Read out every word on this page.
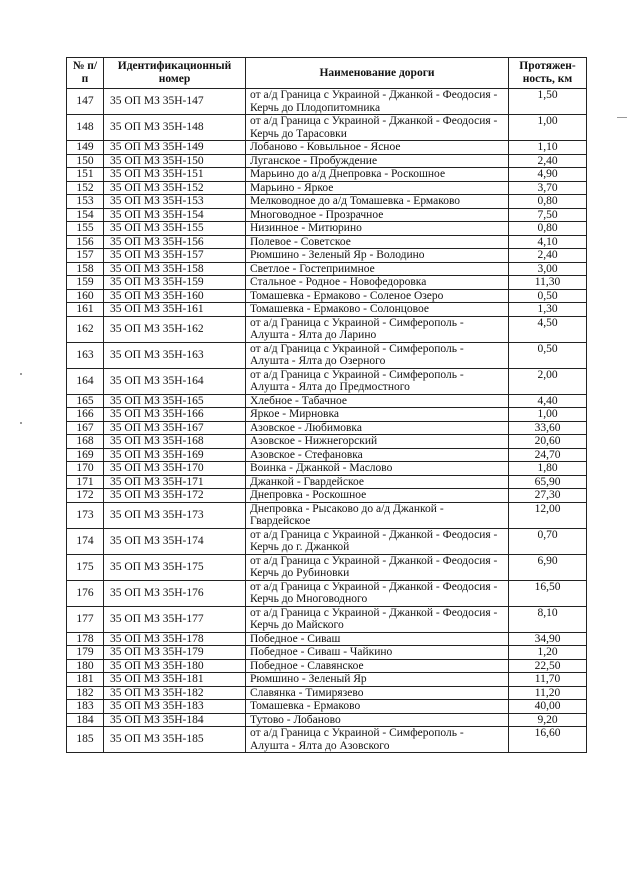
№ п/п	Идентификационный номер	Наименование дороги	Протяжен- ность, км
147	35 ОП МЗ 35Н-147	от а/д Граница с Украиной - Джанкой - Феодосия - Керчь до Плодопитомника	1,50
148	35 ОП МЗ 35Н-148	от а/д Граница с Украиной - Джанкой - Феодосия - Керчь до Тарасовки	1,00
149	35 ОП МЗ 35Н-149	Лобаново - Ковыльное - Ясное	1,10
150	35 ОП МЗ 35Н-150	Луганское - Пробуждение	2,40
151	35 ОП МЗ 35Н-151	Марьино до а/д Днепровка - Роскошное	4,90
152	35 ОП МЗ 35Н-152	Марьино - Яркое	3,70
153	35 ОП МЗ 35Н-153	Мелководное до а/д Томашевка - Ермаково	0,80
154	35 ОП МЗ 35Н-154	Многоводное - Прозрачное	7,50
155	35 ОП МЗ 35Н-155	Низинное - Митюрино	0,80
156	35 ОП МЗ 35Н-156	Полевое - Советское	4,10
157	35 ОП МЗ 35Н-157	Рюмшино - Зеленый Яр - Володино	2,40
158	35 ОП МЗ 35Н-158	Светлое - Гостеприимное	3,00
159	35 ОП МЗ 35Н-159	Стальное - Родное - Новофедоровка	11,30
160	35 ОП МЗ 35Н-160	Томашевка - Ермаково - Соленое Озеро	0,50
161	35 ОП МЗ 35Н-161	Томашевка - Ермаково - Солонцовое	1,30
162	35 ОП МЗ 35Н-162	от а/д Граница с Украиной - Симферополь - Алушта - Ялта до Ларино	4,50
163	35 ОП МЗ 35Н-163	от а/д Граница с Украиной - Симферополь - Алушта - Ялта до Озерного	0,50
164	35 ОП МЗ 35Н-164	от а/д Граница с Украиной - Симферополь - Алушта - Ялта до Предмостного	2,00
165	35 ОП МЗ 35Н-165	Хлебное - Табачное	4,40
166	35 ОП МЗ 35Н-166	Яркое - Мирновка	1,00
167	35 ОП МЗ 35Н-167	Азовское - Любимовка	33,60
168	35 ОП МЗ 35Н-168	Азовское - Нижнегорский	20,60
169	35 ОП МЗ 35Н-169	Азовское - Стефановка	24,70
170	35 ОП МЗ 35Н-170	Воинка - Джанкой - Маслово	1,80
171	35 ОП МЗ 35Н-171	Джанкой - Гвардейское	65,90
172	35 ОП МЗ 35Н-172	Днепровка - Роскошное	27,30
173	35 ОП МЗ 35Н-173	Днепровка - Рысаково до а/д Джанкой - Гвардейское	12,00
174	35 ОП МЗ 35Н-174	от а/д Граница с Украиной - Джанкой - Феодосия - Керчь до г. Джанкой	0,70
175	35 ОП МЗ 35Н-175	от а/д Граница с Украиной - Джанкой - Феодосия - Керчь до Рубиновки	6,90
176	35 ОП МЗ 35Н-176	от а/д Граница с Украиной - Джанкой - Феодосия - Керчь до Многоводного	16,50
177	35 ОП МЗ 35Н-177	от а/д Граница с Украиной - Джанкой - Феодосия - Керчь до Майского	8,10
178	35 ОП МЗ 35Н-178	Победное - Сиваш	34,90
179	35 ОП МЗ 35Н-179	Победное - Сиваш - Чайкино	1,20
180	35 ОП МЗ 35Н-180	Победное - Славянское	22,50
181	35 ОП МЗ 35Н-181	Рюмшино - Зеленый Яр	11,70
182	35 ОП МЗ 35Н-182	Славянка - Тимирязево	11,20
183	35 ОП МЗ 35Н-183	Томашевка - Ермаково	40,00
184	35 ОП МЗ 35Н-184	Тутово - Лобаново	9,20
185	35 ОП МЗ 35Н-185	от а/д Граница с Украиной - Симферополь - Алушта - Ялта до Азовского	16,60
